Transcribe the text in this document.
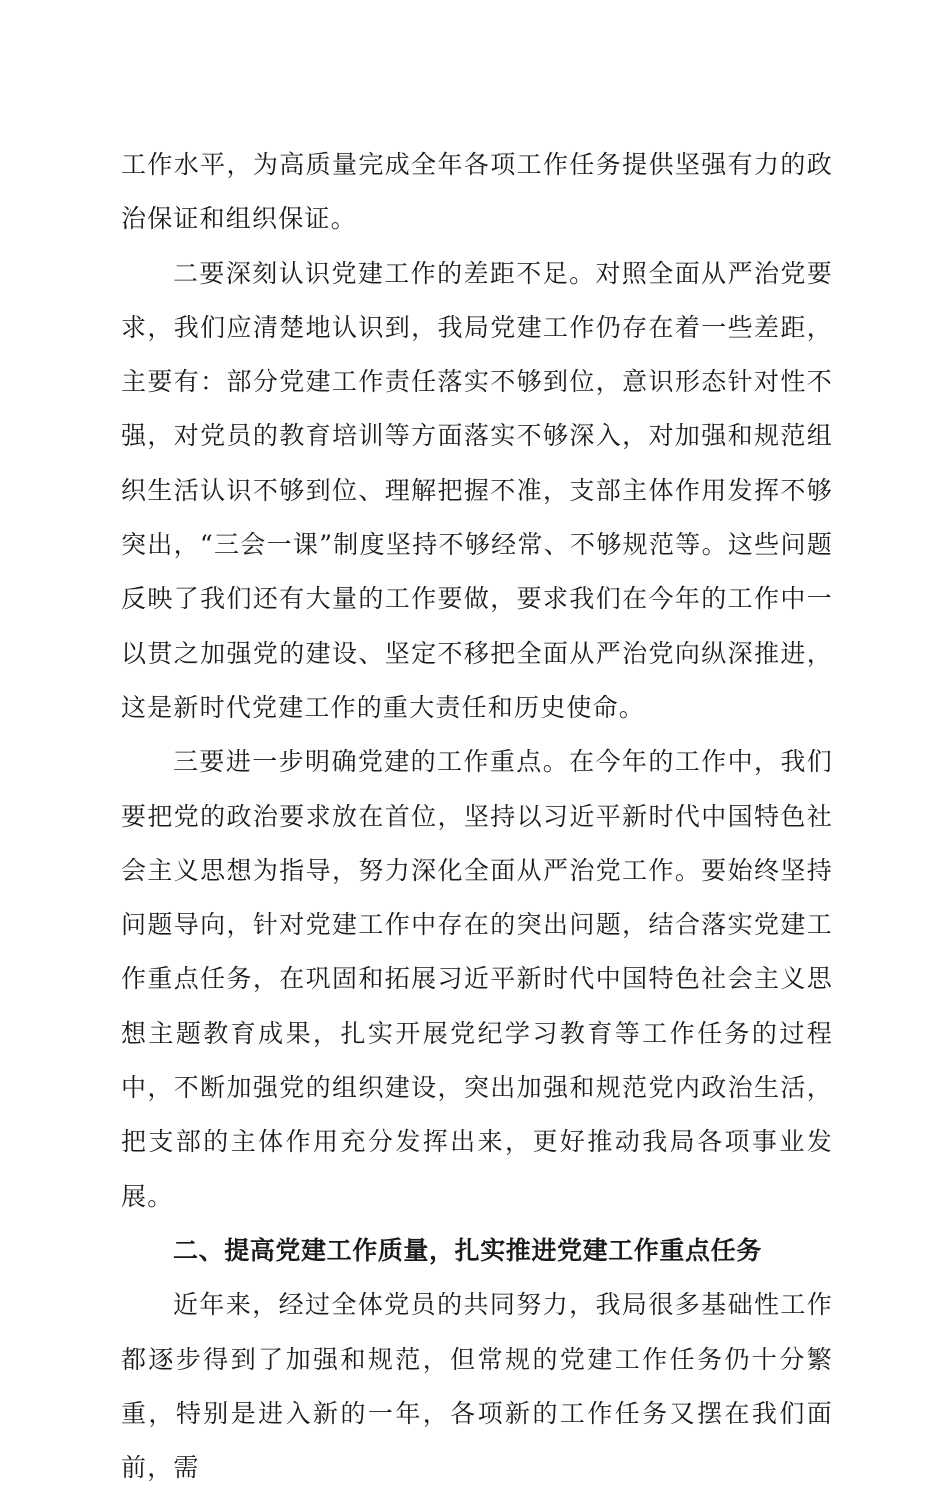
工作水平，为高质量完成全年各项工作任务提供坚强有力的政治保证和组织保证。

二要深刻认识党建工作的差距不足。对照全面从严治党要求，我们应清楚地认识到，我局党建工作仍存在着一些差距，主要有：部分党建工作责任落实不够到位，意识形态针对性不强，对党员的教育培训等方面落实不够深入，对加强和规范组织生活认识不够到位、理解把握不准，支部主体作用发挥不够突出，“三会一课”制度坚持不够经常、不够规范等。这些问题反映了我们还有大量的工作要做，要求我们在今年的工作中一以贯之加强党的建设、坚定不移把全面从严治党向纵深推进，这是新时代党建工作的重大责任和历史使命。

三要进一步明确党建的工作重点。在今年的工作中，我们要把党的政治要求放在首位，坚持以习近平新时代中国特色社会主义思想为指导，努力深化全面从严治党工作。要始终坚持问题导向，针对党建工作中存在的突出问题，结合落实党建工作重点任务，在巩固和拓展习近平新时代中国特色社会主义思想主题教育成果，扎实开展党纪学习教育等工作任务的过程中，不断加强党的组织建设，突出加强和规范党内政治生活，把支部的主体作用充分发挥出来，更好推动我局各项事业发展。

二、提高党建工作质量，扎实推进党建工作重点任务

近年来，经过全体党员的共同努力，我局很多基础性工作都逐步得到了加强和规范，但常规的党建工作任务仍十分繁重，特别是进入新的一年，各项新的工作任务又摆在我们面前，需
